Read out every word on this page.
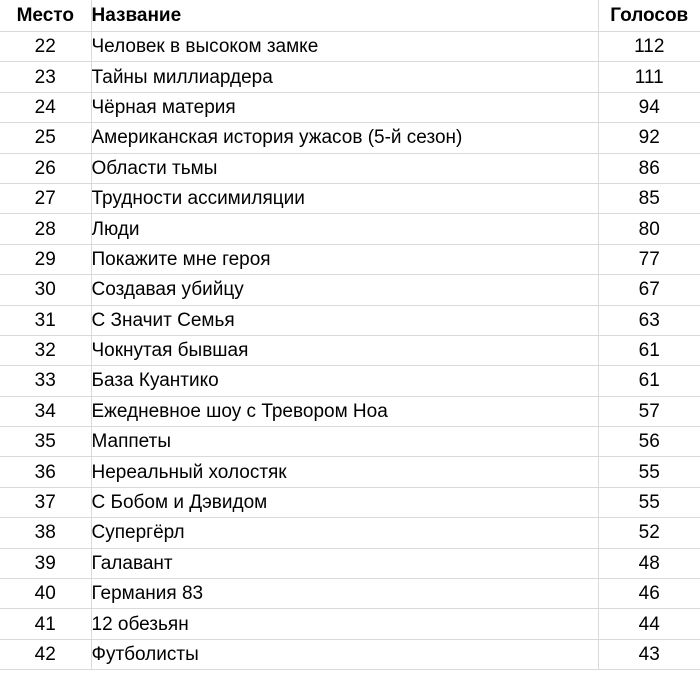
Место	Название	Голосов
22	Человек в высоком замке	112
23	Тайны миллиардера	111
24	Чёрная материя	94
25	Американская история ужасов (5-й сезон)	92
26	Области тьмы	86
27	Трудности ассимиляции	85
28	Люди	80
29	Покажите мне героя	77
30	Создавая убийцу	67
31	С Значит Семья	63
32	Чокнутая бывшая	61
33	База Куантико	61
34	Ежедневное шоу с Тревором Ноа	57
35	Маппеты	56
36	Нереальный холостяк	55
37	С Бобом и Дэвидом	55
38	Супергёрл	52
39	Галавант	48
40	Германия 83	46
41	12 обезьян	44
42	Футболисты	43
